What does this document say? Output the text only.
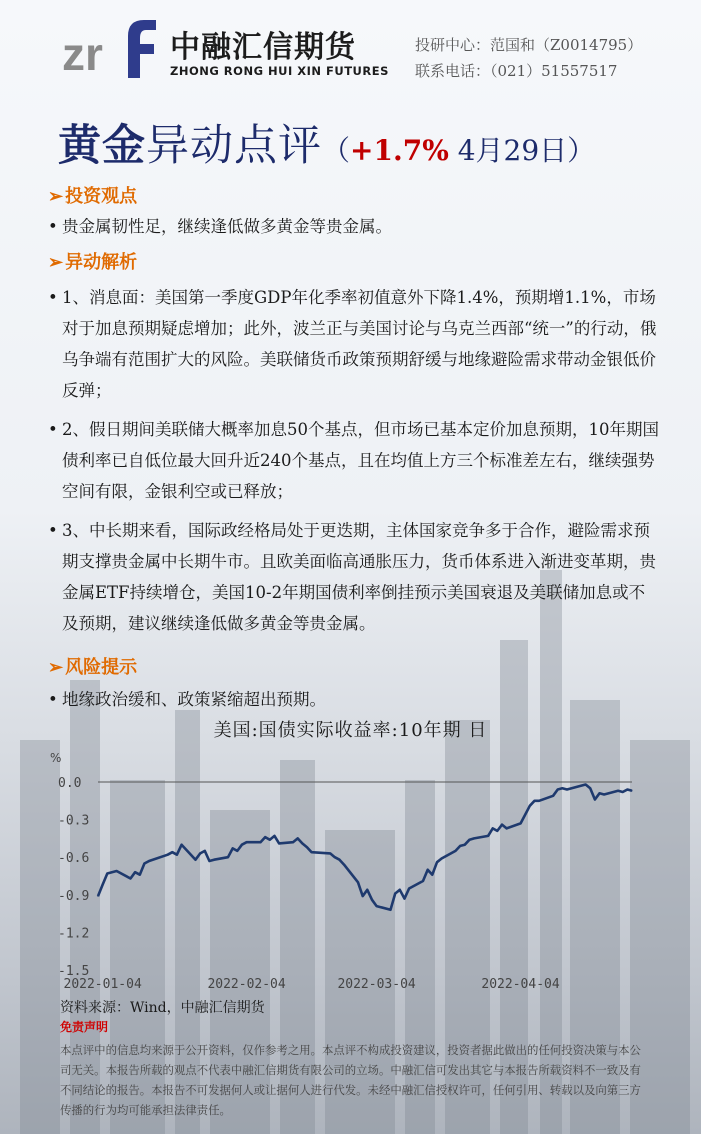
zr 中融汇信期货
ZHONG RONG HUI XIN FUTURES
投研中心：范国和（Z0014795）
联系电话：（021）51557517
黄金异动点评（+1.7% 4月29日）
➢ 投资观点
• 贵金属韧性足，继续逢低做多黄金等贵金属。
➢ 异动解析
• 1、消息面：美国第一季度GDP年化季率初值意外下降1.4%，预期增1.1%，市场对于加息预期疑虑增加；此外，波兰正与美国讨论与乌克兰西部“统一”的行动，俄乌争端有范围扩大的风险。美联储货币政策预期舒缓与地缘避险需求带动金银低价反弹；
• 2、假日期间美联储大概率加息50个基点，但市场已基本定价加息预期，10年期国债利率已自低位最大回升近240个基点，且在均值上方三个标准差左右，继续强势空间有限，金银利空或已释放；
• 3、中长期来看，国际政经格局处于更迭期，主体国家竞争多于合作，避险需求预期支撑贵金属中长期牛市。且欧美面临高通胀压力，货币体系进入渐进变革期，贵金属ETF持续增仓，美国10-2年期国债利率倒挂预示美国衰退及美联储加息或不及预期，建议继续逢低做多黄金等贵金属。
➢ 风险提示
• 地缘政治缓和、政策紧缩超出预期。
美国:国债实际收益率:10年期 日
%
0.0
-0.3
-0.6
-0.9
-1.2
-1.5
2022-01-04	2022-02-04	2022-03-04	2022-04-04
资料来源：Wind，中融汇信期货
免责声明
本点评中的信息均来源于公开资料，仅作参考之用。本点评不构成投资建议，投资者据此做出的任何投资决策与本公司无关。本报告所载的观点不代表中融汇信期货有限公司的立场。中融汇信可发出其它与本报告所载资料不一致及有不同结论的报告。本报告不可发据何人或让据何人进行代发。未经中融汇信授权许可，任何引用、转载以及向第三方传播的行为均可能承担法律责任。
